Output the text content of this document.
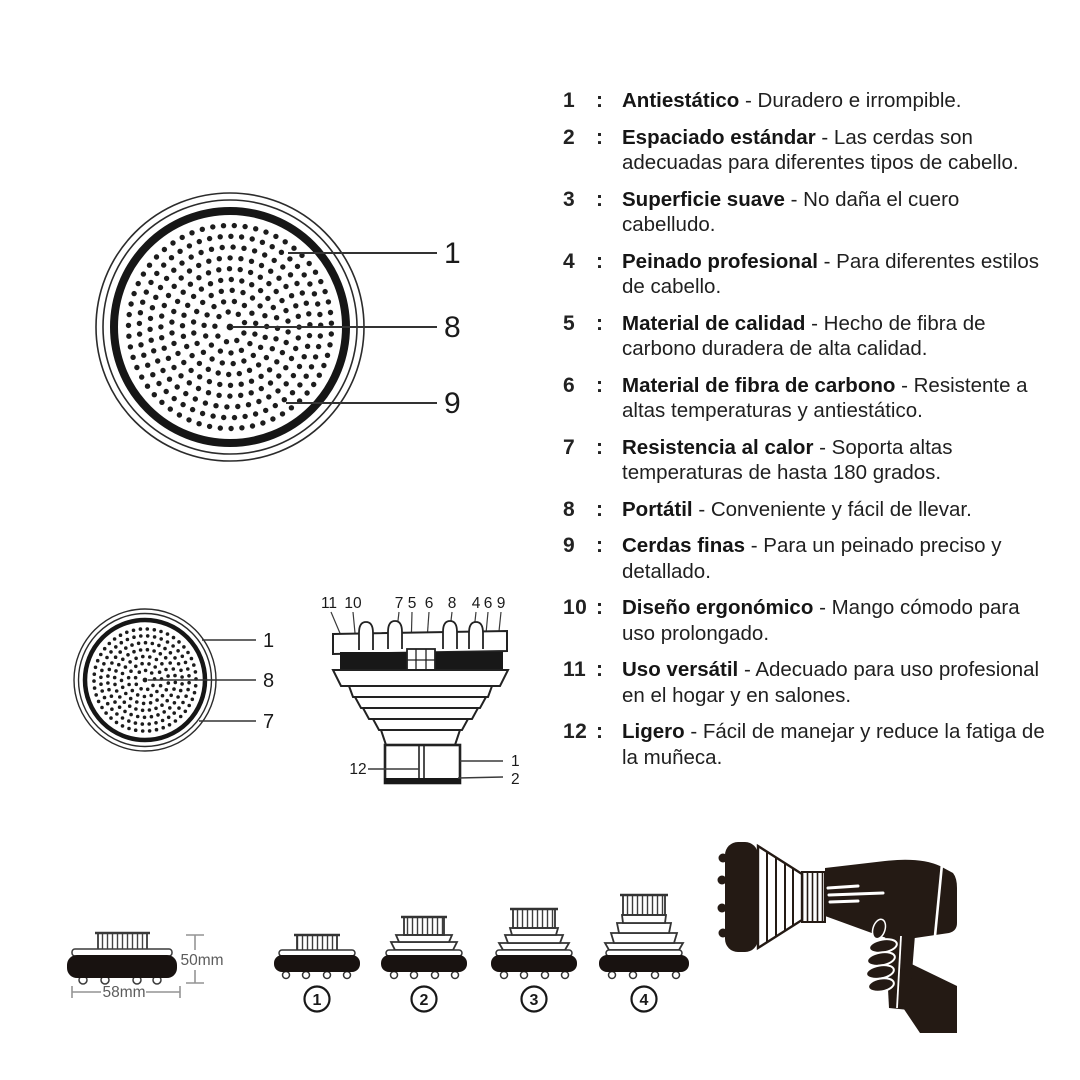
1
8
9
1 : Antiestático - Duradero e irrompible.
2 : Espaciado estándar - Las cerdas son adecuadas para diferentes tipos de cabello.
3 : Superficie suave - No daña el cuero cabelludo.
4 : Peinado profesional - Para diferentes estilos de cabello.
5 : Material de calidad - Hecho de fibra de carbono duradera de alta calidad.
6 : Material de fibra de carbono - Resistente a altas temperaturas y antiestático.
7 : Resistencia al calor - Soporta altas temperaturas de hasta 180 grados.
8 : Portátil - Conveniente y fácil de llevar.
9 : Cerdas finas - Para un peinado preciso y detallado.
10 : Diseño ergonómico - Mango cómodo para uso prolongado.
11 : Uso versátil - Adecuado para uso profesional en el hogar y en salones.
12 : Ligero - Fácil de manejar y reduce la fatiga de la muñeca.
1
8
7
11 10 7 5 6 8 4 6 9
12	1
2
50mm
58mm	1	2	3	4
